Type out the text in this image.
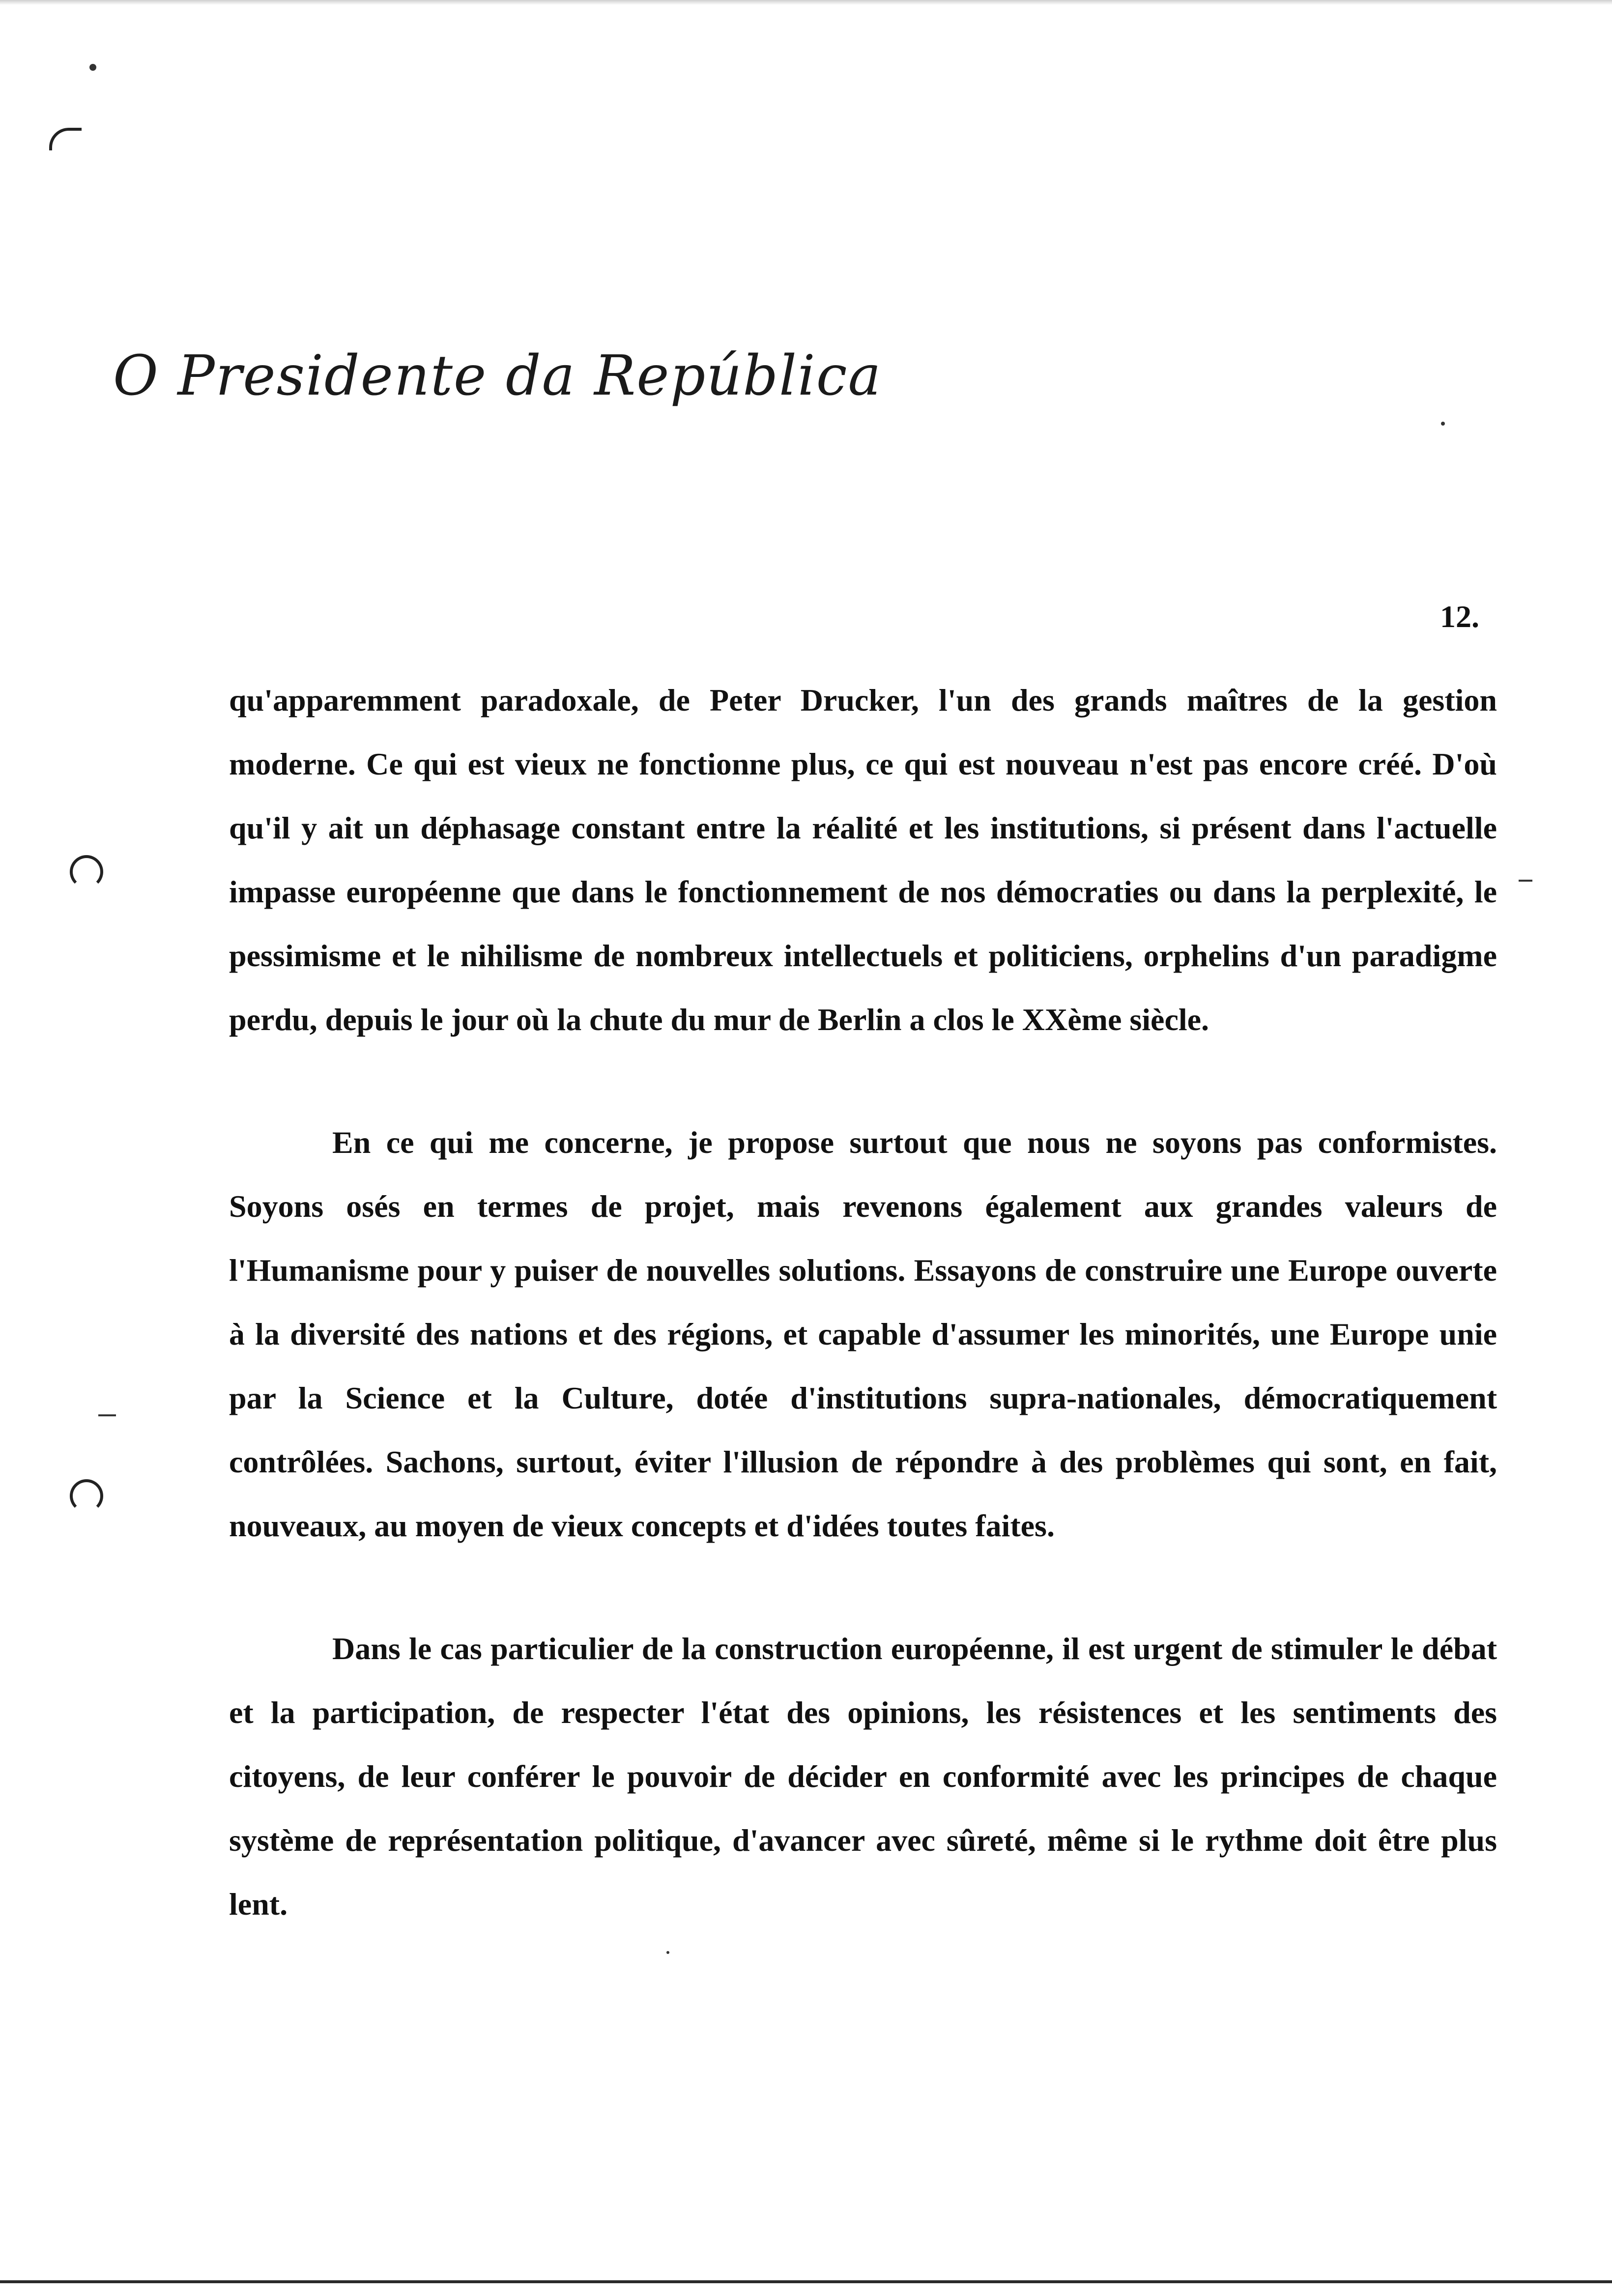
O Presidente da República
12.

qu'apparemment paradoxale, de Peter Drucker, l'un des grands maîtres de la gestion moderne. Ce qui est vieux ne fonctionne plus, ce qui est nouveau n'est pas encore créé. D'où qu'il y ait un déphasage constant entre la réalité et les institutions, si présent dans l'actuelle impasse européenne que dans le fonctionnement de nos démocraties ou dans la perplexité, le pessimisme et le nihilisme de nombreux intellectuels et politiciens, orphelins d'un paradigme perdu, depuis le jour où la chute du mur de Berlin a clos le XXème siècle.

En ce qui me concerne, je propose surtout que nous ne soyons pas conformistes. Soyons osés en termes de projet, mais revenons également aux grandes valeurs de l'Humanisme pour y puiser de nouvelles solutions. Essayons de construire une Europe ouverte à la diversité des nations et des régions, et capable d'assumer les minorités, une Europe unie par la Science et la Culture, dotée d'institutions supra-nationales, démocratiquement contrôlées. Sachons, surtout, éviter l'illusion de répondre à des problèmes qui sont, en fait, nouveaux, au moyen de vieux concepts et d'idées toutes faites.

Dans le cas particulier de la construction européenne, il est urgent de stimuler le débat et la participation, de respecter l'état des opinions, les résistences et les sentiments des citoyens, de leur conférer le pouvoir de décider en conformité avec les principes de chaque système de représentation politique, d'avancer avec sûreté, même si le rythme doit être plus lent.
